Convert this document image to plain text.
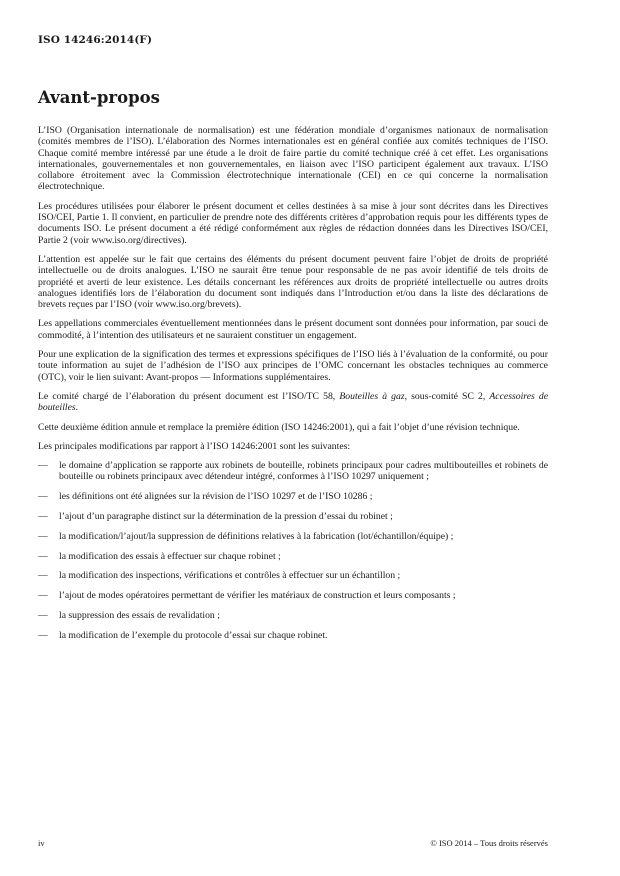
ISO 14246:2014(F)
Avant-propos

L’ISO (Organisation internationale de normalisation) est une fédération mondiale d’organismes nationaux de normalisation (comités membres de l’ISO). L’élaboration des Normes internationales est en général confiée aux comités techniques de l’ISO. Chaque comité membre intéressé par une étude a le droit de faire partie du comité technique créé à cet effet. Les organisations internationales, gouvernementales et non gouvernementales, en liaison avec l’ISO participent également aux travaux. L’ISO collabore étroitement avec la Commission électrotechnique internationale (CEI) en ce qui concerne la normalisation électrotechnique.

Les procédures utilisées pour élaborer le présent document et celles destinées à sa mise à jour sont décrites dans les Directives ISO/CEI, Partie 1. Il convient, en particulier de prendre note des différents critères d’approbation requis pour les différents types de documents ISO. Le présent document a été rédigé conformément aux règles de rédaction données dans les Directives ISO/CEI, Partie 2 (voir www.iso.org/directives).

L’attention est appelée sur le fait que certains des éléments du présent document peuvent faire l’objet de droits de propriété intellectuelle ou de droits analogues. L’ISO ne saurait être tenue pour responsable de ne pas avoir identifié de tels droits de propriété et averti de leur existence. Les détails concernant les références aux droits de propriété intellectuelle ou autres droits analogues identifiés lors de l’élaboration du document sont indiqués dans l’Introduction et/ou dans la liste des déclarations de brevets reçues par l’ISO (voir www.iso.org/brevets).

Les appellations commerciales éventuellement mentionnées dans le présent document sont données pour information, par souci de commodité, à l’intention des utilisateurs et ne sauraient constituer un engagement.

Pour une explication de la signification des termes et expressions spécifiques de l’ISO liés à l’évaluation de la conformité, ou pour toute information au sujet de l’adhésion de l’ISO aux principes de l’OMC concernant les obstacles techniques au commerce (OTC), voir le lien suivant: Avant-propos — Informations supplémentaires.

Le comité chargé de l’élaboration du présent document est l’ISO/TC 58, Bouteilles à gaz, sous-comité SC 2, Accessoires de bouteilles.

Cette deuxième édition annule et remplace la première édition (ISO 14246:2001), qui a fait l’objet d’une révision technique.

Les principales modifications par rapport à l’ISO 14246:2001 sont les suivantes:

—	le domaine d’application se rapporte aux robinets de bouteille, robinets principaux pour cadres multibouteilles et robinets de bouteille ou robinets principaux avec détendeur intégré, conformes à l’ISO 10297 uniquement ;
—	les définitions ont été alignées sur la révision de l’ISO 10297 et de l’ISO 10286 ;
—	l’ajout d’un paragraphe distinct sur la détermination de la pression d’essai du robinet ;
—	la modification/l’ajout/la suppression de définitions relatives à la fabrication (lot/échantillon/équipe) ;
—	la modification des essais à effectuer sur chaque robinet ;
—	la modification des inspections, vérifications et contrôles à effectuer sur un échantillon ;
—	l’ajout de modes opératoires permettant de vérifier les matériaux de construction et leurs composants ;
—	la suppression des essais de revalidation ;
—	la modification de l’exemple du protocole d’essai sur chaque robinet.
iv	© ISO 2014 – Tous droits réservés
